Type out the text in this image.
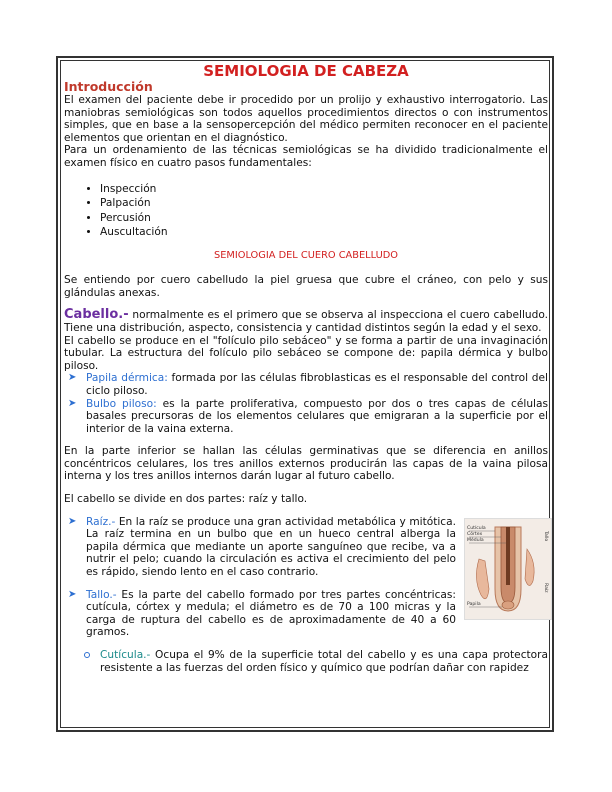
SEMIOLOGIA DE CABEZA
Introducción

El examen del paciente debe ir procedido por un prolijo y exhaustivo interrogatorio. Las maniobras semiológicas son todos aquellos procedimientos directos o con instrumentos simples, que en base a la sensopercepción del médico permiten reconocer en el paciente elementos que orientan en el diagnóstico.

Para un ordenamiento de las técnicas semiológicas se ha dividido tradicionalmente el examen físico en cuatro pasos fundamentales:

• Inspección
• Palpación
• Percusión
• Auscultación
SEMIOLOGIA DEL CUERO CABELLUDO

Se entiendo por cuero cabelludo la piel gruesa que cubre el cráneo, con pelo y sus glándulas anexas.

Cabello.- normalmente es el primero que se observa al inspecciona el cuero cabelludo. Tiene una distribución, aspecto, consistencia y cantidad distintos según la edad y el sexo.

El cabello se produce en el "folículo pilo sebáceo" y se forma a partir de una invaginación tubular. La estructura del folículo pilo sebáceo se compone de: papila dérmica y bulbo piloso.

➤ Papila dérmica: formada por las células fibroblasticas es el responsable del control del ciclo piloso.
➤ Bulbo piloso: es la parte proliferativa, compuesto por dos o tres capas de células basales precursoras de los elementos celulares que emigraran a la superficie por el interior de la vaina externa.

En la parte inferior se hallan las células germinativas que se diferencia en anillos concéntricos celulares, los tres anillos externos producirán las capas de la vaina pilosa interna y los tres anillos internos darán lugar al futuro cabello.

El cabello se divide en dos partes: raíz y tallo.

➤ Raíz.- En la raíz se produce una gran actividad metabólica y mitótica. La raíz termina en un bulbo que en un hueco central alberga la papila dérmica que mediante un aporte sanguíneo que recibe, va a nutrir el pelo; cuando la circulación es activa el crecimiento del pelo es rápido, siendo lento en el caso contrario.
➤ Tallo.- Es la parte del cabello formado por tres partes concéntricas: cutícula, córtex y medula; el diámetro es de 70 a 100 micras y la carga de ruptura del cabello es de aproximadamente de 40 a 60 gramos.
Cutícula
Córtex
Médula
Papila
Tallo
Raíz
Cutícula.- Ocupa el 9% de la superficie total del cabello y es una capa protectora resistente a las fuerzas del orden físico y químico que podrían dañar con rapidez
